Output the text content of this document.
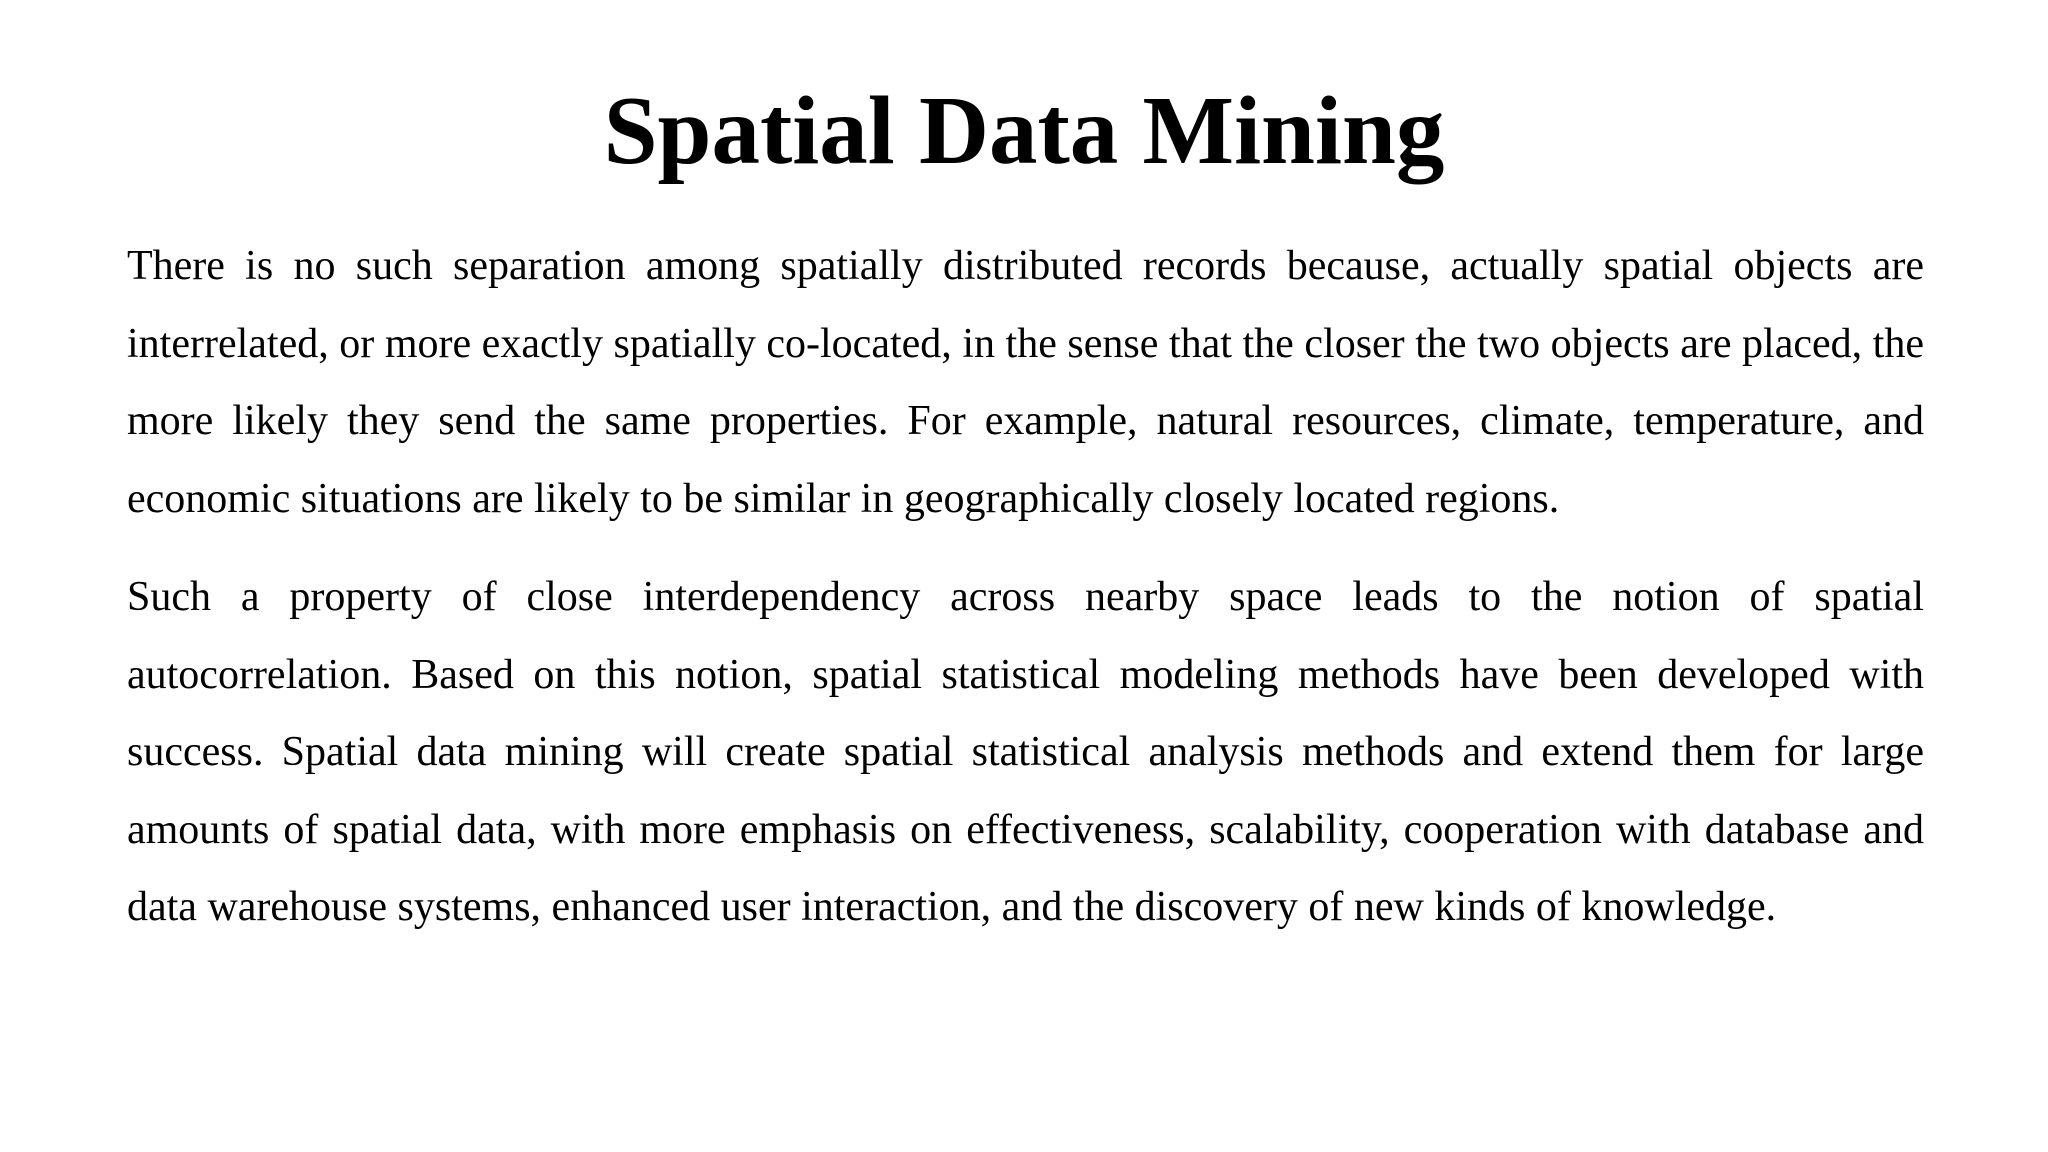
Spatial Data Mining

There is no such separation among spatially distributed records because, actually spatial objects are interrelated, or more exactly spatially co-located, in the sense that the closer the two objects are placed, the more likely they send the same properties. For example, natural resources, climate, temperature, and economic situations are likely to be similar in geographically closely located regions.

Such a property of close interdependency across nearby space leads to the notion of spatial autocorrelation. Based on this notion, spatial statistical modeling methods have been developed with success. Spatial data mining will create spatial statistical analysis methods and extend them for large amounts of spatial data, with more emphasis on effectiveness, scalability, cooperation with database and data warehouse systems, enhanced user interaction, and the discovery of new kinds of knowledge.
